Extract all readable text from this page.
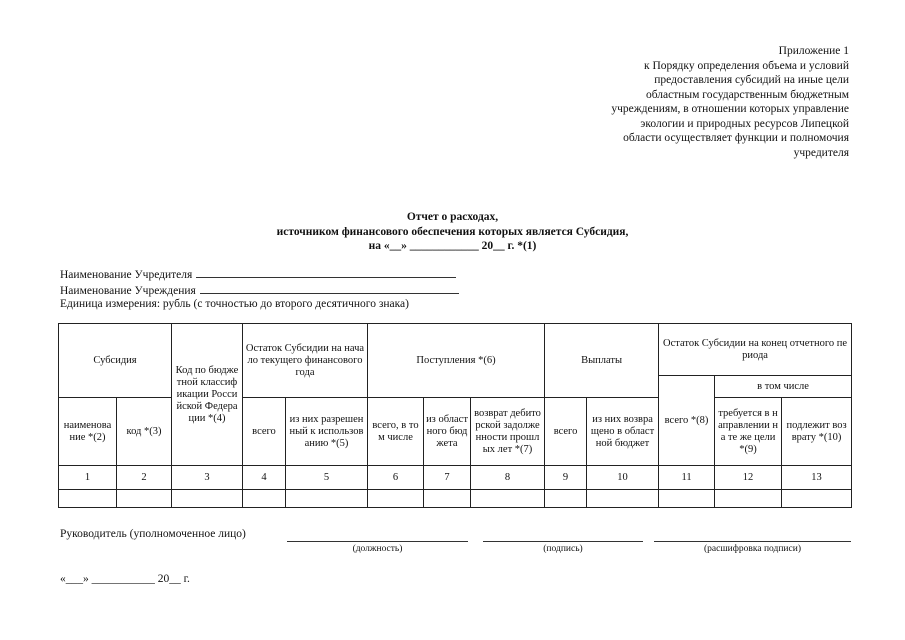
Приложение 1
к Порядку определения объема и условий
предоставления субсидий на иные цели
областным государственным бюджетным
учреждениям, в отношении которых управление
экологии и природных ресурсов Липецкой
области осуществляет функции и полномочия
учредителя
Отчет о расходах,
источником финансового обеспечения которых является Субсидия,
на «__» ____________ 20__ г. *(1)
Наименование Учредителя
Наименование Учреждения
Единица измерения: рубль (с точностью до второго десятичного знака)
Субсидия		Код по бюджетной классификации Российской Федерации *(4)	Остаток Субсидии на начало текущего финансового года		Поступления *(6)			Выплаты		Остаток Субсидии на конец отчетного периода		
										всего *(8)	в том числе	
наименование *(2)	код *(3)		всего	из них разрешенный к использованию *(5)	всего, в том числе	из областного бюджета	возврат дебиторской задолженности прошлых лет *(7)	всего	из них возвращено в областной бюджет		требуется в направлении на те же цели *(9)	подлежит возврату *(10)
1	2	3	4	5	6	7	8	9	10	11	12	13

Руководитель (уполномоченное лицо)
(должность)	(подпись)	(расшифровка подписи)
«___» ___________ 20__ г.
